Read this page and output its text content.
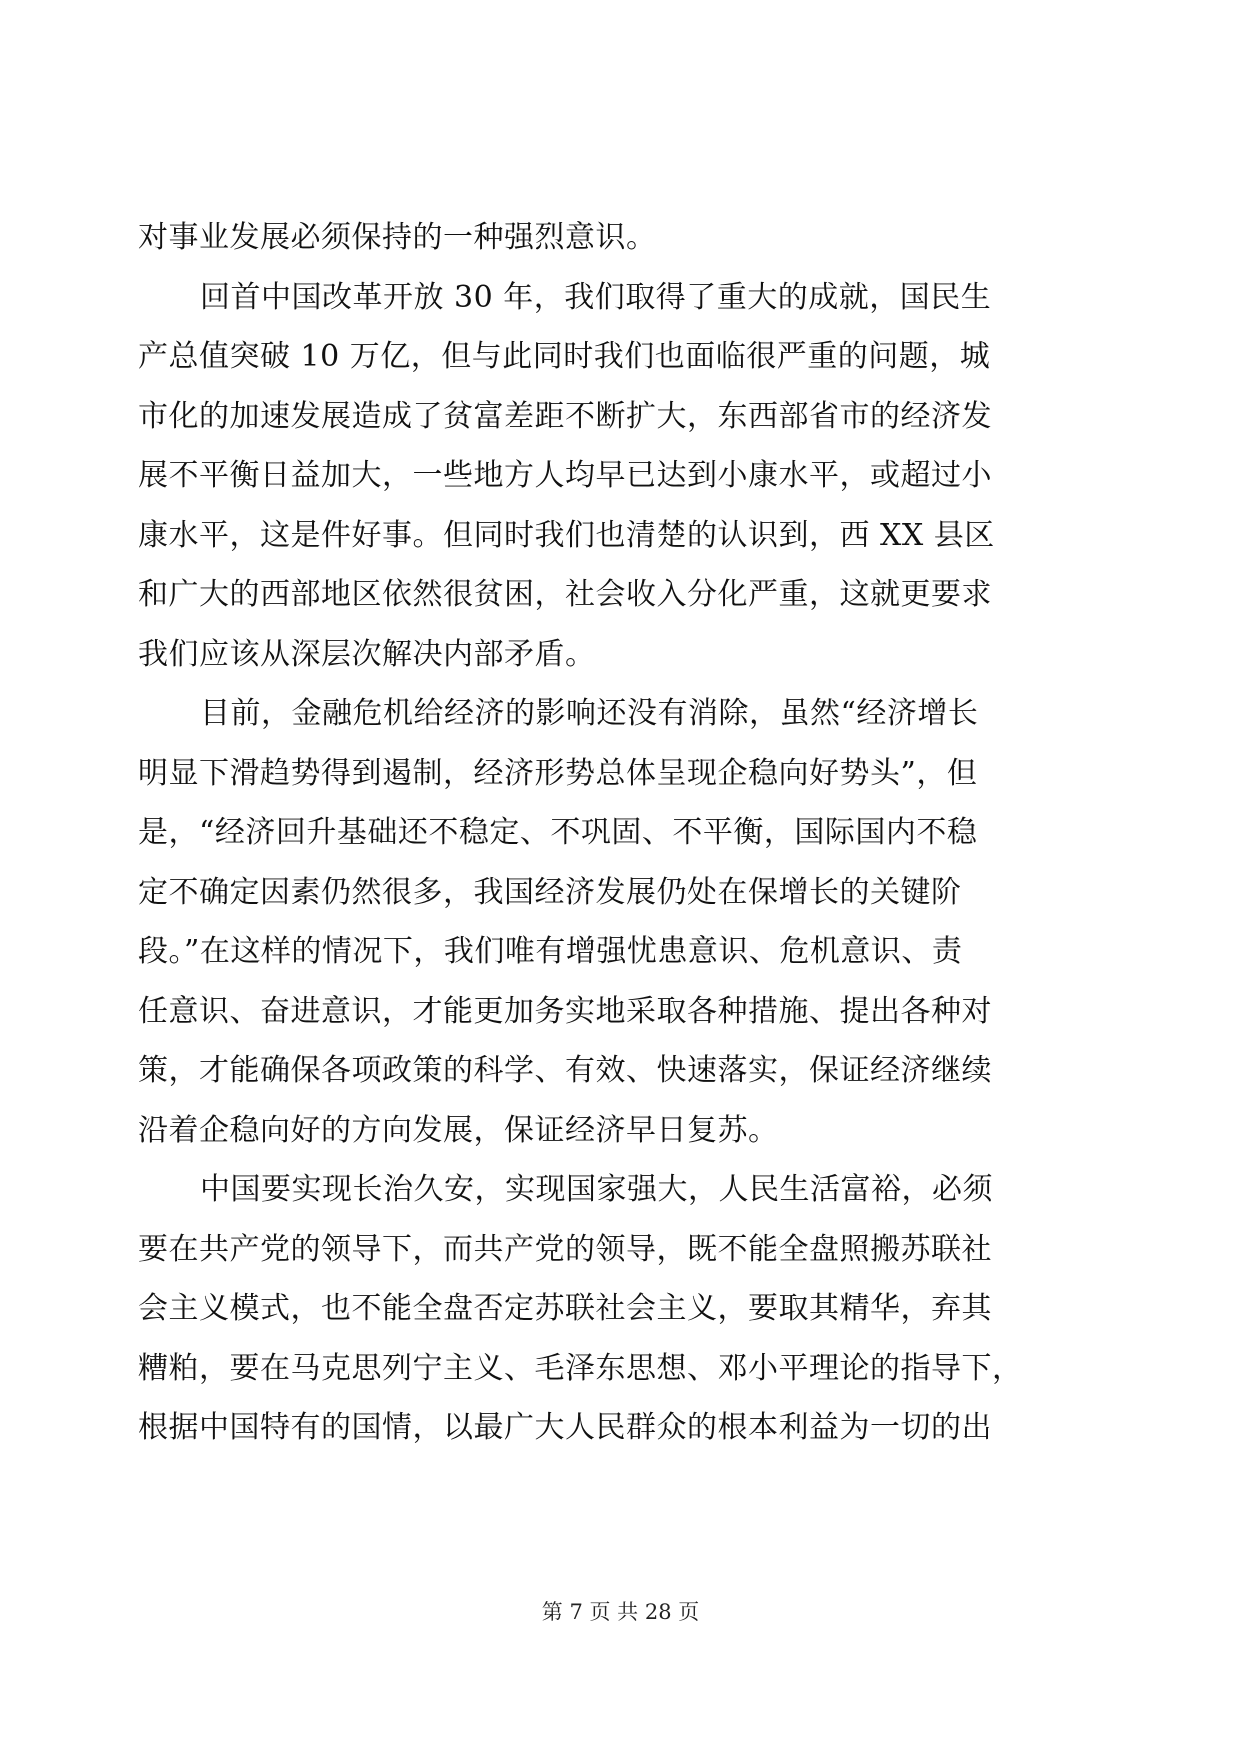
对事业发展必须保持的一种强烈意识。
回首中国改革开放 30 年，我们取得了重大的成就，国民生
产总值突破 10 万亿，但与此同时我们也面临很严重的问题，城
市化的加速发展造成了贫富差距不断扩大，东西部省市的经济发
展不平衡日益加大，一些地方人均早已达到小康水平，或超过小
康水平，这是件好事。但同时我们也清楚的认识到，西 XX 县区
和广大的西部地区依然很贫困，社会收入分化严重，这就更要求
我们应该从深层次解决内部矛盾。
目前，金融危机给经济的影响还没有消除，虽然“经济增长
明显下滑趋势得到遏制，经济形势总体呈现企稳向好势头”，但
是，“经济回升基础还不稳定、不巩固、不平衡，国际国内不稳
定不确定因素仍然很多，我国经济发展仍处在保增长的关键阶
段。”在这样的情况下，我们唯有增强忧患意识、危机意识、责
任意识、奋进意识，才能更加务实地采取各种措施、提出各种对
策，才能确保各项政策的科学、有效、快速落实，保证经济继续
沿着企稳向好的方向发展，保证经济早日复苏。
中国要实现长治久安，实现国家强大，人民生活富裕，必须
要在共产党的领导下，而共产党的领导，既不能全盘照搬苏联社
会主义模式，也不能全盘否定苏联社会主义，要取其精华，弃其
糟粕，要在马克思列宁主义、毛泽东思想、邓小平理论的指导下，
根据中国特有的国情，以最广大人民群众的根本利益为一切的出
第 7 页 共 28 页
